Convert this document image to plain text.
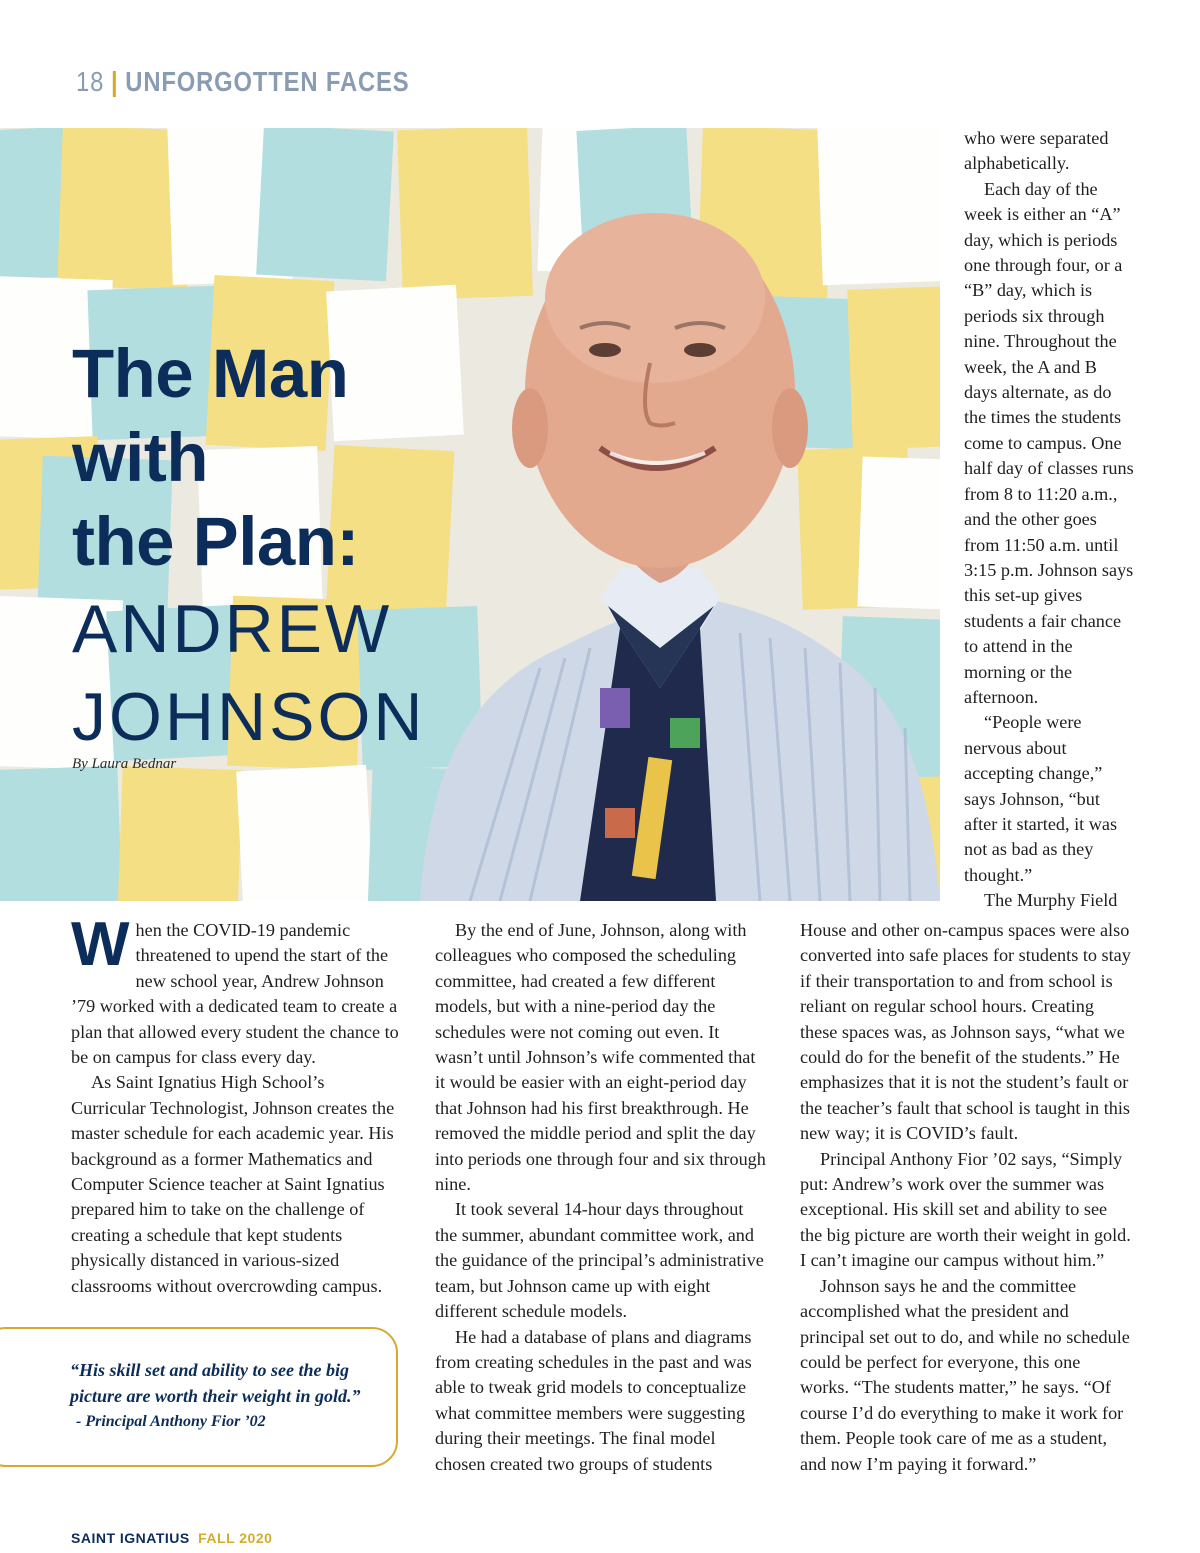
18 | UNFORGOTTEN FACES
The Man
with
the Plan:
ANDREW
JOHNSON
By Laura Bednar

When the COVID-19 pandemic threatened to upend the start of the new school year, Andrew Johnson ’79 worked with a dedicated team to create a plan that allowed every student the chance to be on campus for class every day.

As Saint Ignatius High School’s Curricular Technologist, Johnson creates the master schedule for each academic year. His background as a former Mathematics and Computer Science teacher at Saint Ignatius prepared him to take on the challenge of creating a schedule that kept students physically distanced in various-sized classrooms without overcrowding campus.

By the end of June, Johnson, along with colleagues who composed the scheduling committee, had created a few different models, but with a nine-period day the schedules were not coming out even. It wasn’t until Johnson’s wife commented that it would be easier with an eight-period day that Johnson had his first breakthrough. He removed the middle period and split the day into periods one through four and six through nine.

It took several 14-hour days throughout the summer, abundant committee work, and the guidance of the principal’s administrative team, but Johnson came up with eight different schedule models.

He had a database of plans and diagrams from creating schedules in the past and was able to tweak grid models to conceptualize what committee members were suggesting during their meetings. The final model chosen created two groups of students

who were separated alphabetically.

Each day of the week is either an “A” day, which is periods one through four, or a “B” day, which is periods six through nine. Throughout the week, the A and B days alternate, as do the times the students come to campus. One half day of classes runs from 8 to 11:20 a.m., and the other goes from 11:50 a.m. until 3:15 p.m. Johnson says this set-up gives students a fair chance to attend in the morning or the afternoon.

“People were nervous about accepting change,” says Johnson, “but after it started, it was not as bad as they thought.”

The Murphy Field

House and other on-campus spaces were also converted into safe places for students to stay if their transportation to and from school is reliant on regular school hours. Creating these spaces was, as Johnson says, “what we could do for the benefit of the students.” He emphasizes that it is not the student’s fault or the teacher’s fault that school is taught in this new way; it is COVID’s fault.

Principal Anthony Fior ’02 says, “Simply put: Andrew’s work over the summer was exceptional. His skill set and ability to see the big picture are worth their weight in gold. I can’t imagine our campus without him.”

Johnson says he and the committee accomplished what the president and principal set out to do, and while no schedule could be perfect for everyone, this one works. “The students matter,” he says. “Of course I’d do everything to make it work for them. People took care of me as a student, and now I’m paying it forward.”

“His skill set and ability to see the big picture are worth their weight in gold.”
- Principal Anthony Fior ’02
SAINT IGNATIUS FALL 2020
